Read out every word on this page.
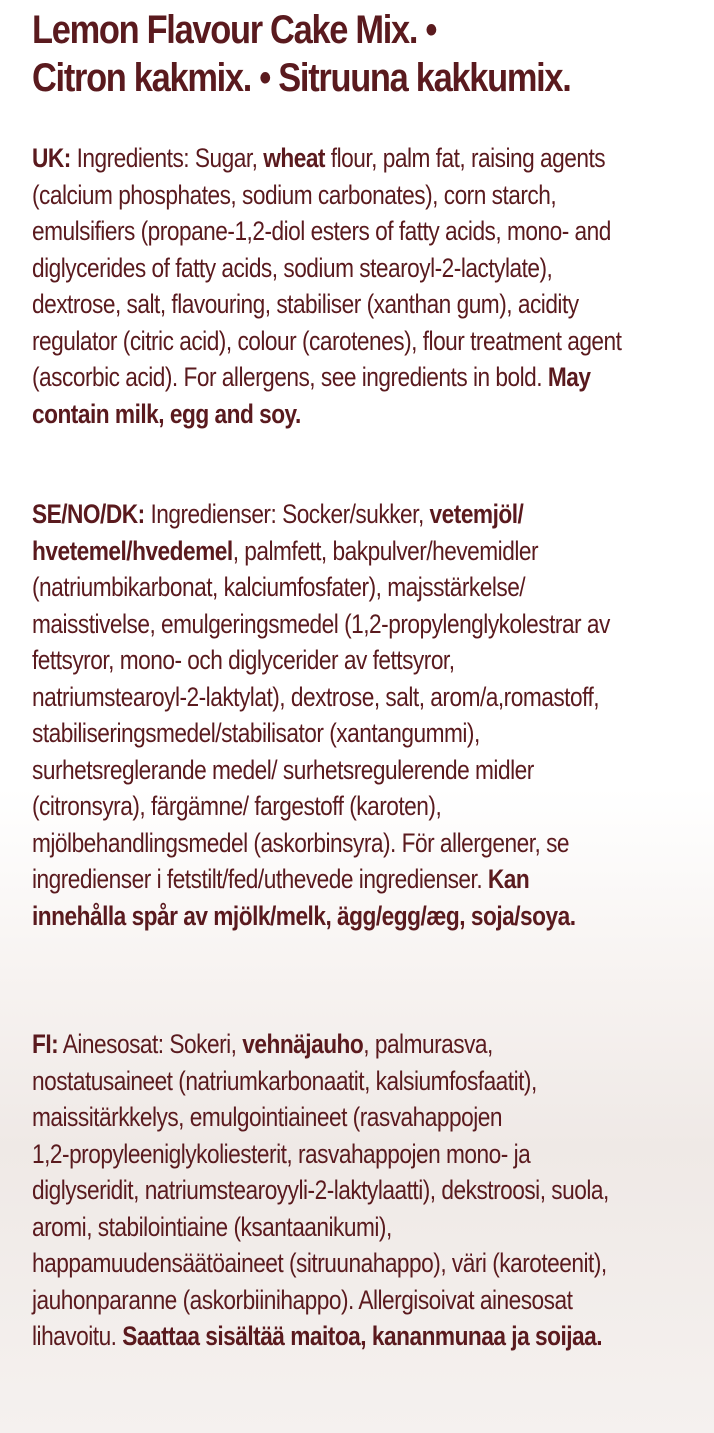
Lemon Flavour Cake Mix. •
Citron kakmix. • Sitruuna kakkumix.
UK: Ingredients: Sugar, wheat flour, palm fat, raising agents
(calcium phosphates, sodium carbonates), corn starch,
emulsifiers (propane-1,2-diol esters of fatty acids, mono- and
diglycerides of fatty acids, sodium stearoyl-2-lactylate),
dextrose, salt, flavouring, stabiliser (xanthan gum), acidity
regulator (citric acid), colour (carotenes), flour treatment agent
(ascorbic acid). For allergens, see ingredients in bold. May
contain milk, egg and soy.
SE/NO/DK: Ingredienser: Socker/sukker, vetemjöl/
hvetemel/hvedemel, palmfett, bakpulver/hevemidler
(natriumbikarbonat, kalciumfosfater), majsstärkelse/
maisstivelse, emulgeringsmedel (1,2-propylenglykolestrar av
fettsyror, mono- och diglycerider av fettsyror,
natriumstearoyl-2-laktylat), dextrose, salt, arom/a,romastoff,
stabiliseringsmedel/stabilisator (xantangummi),
surhetsreglerande medel/ surhetsregulerende midler
(citronsyra), färgämne/ fargestoff (karoten),
mjölbehandlingsmedel (askorbinsyra). För allergener, se
ingredienser i fetstilt/fed/uthevede ingredienser. Kan
innehålla spår av mjölk/melk, ägg/egg/æg, soja/soya.
FI: Ainesosat: Sokeri, vehnäjauho, palmurasva,
nostatusaineet (natriumkarbonaatit, kalsiumfosfaatit),
maissitärkkelys, emulgointiaineet (rasvahappojen
1,2-propyleeniglykoliesterit, rasvahappojen mono- ja
diglyseridit, natriumstearoyyli-2-laktylaatti), dekstroosi, suola,
aromi, stabilointiaine (ksantaanikumi),
happamuudensäätöaineet (sitruunahappo), väri (karoteenit),
jauhonparanne (askorbiinihappo). Allergisoivat ainesosat
lihavoitu. Saattaa sisältää maitoa, kananmunaa ja soijaa.
